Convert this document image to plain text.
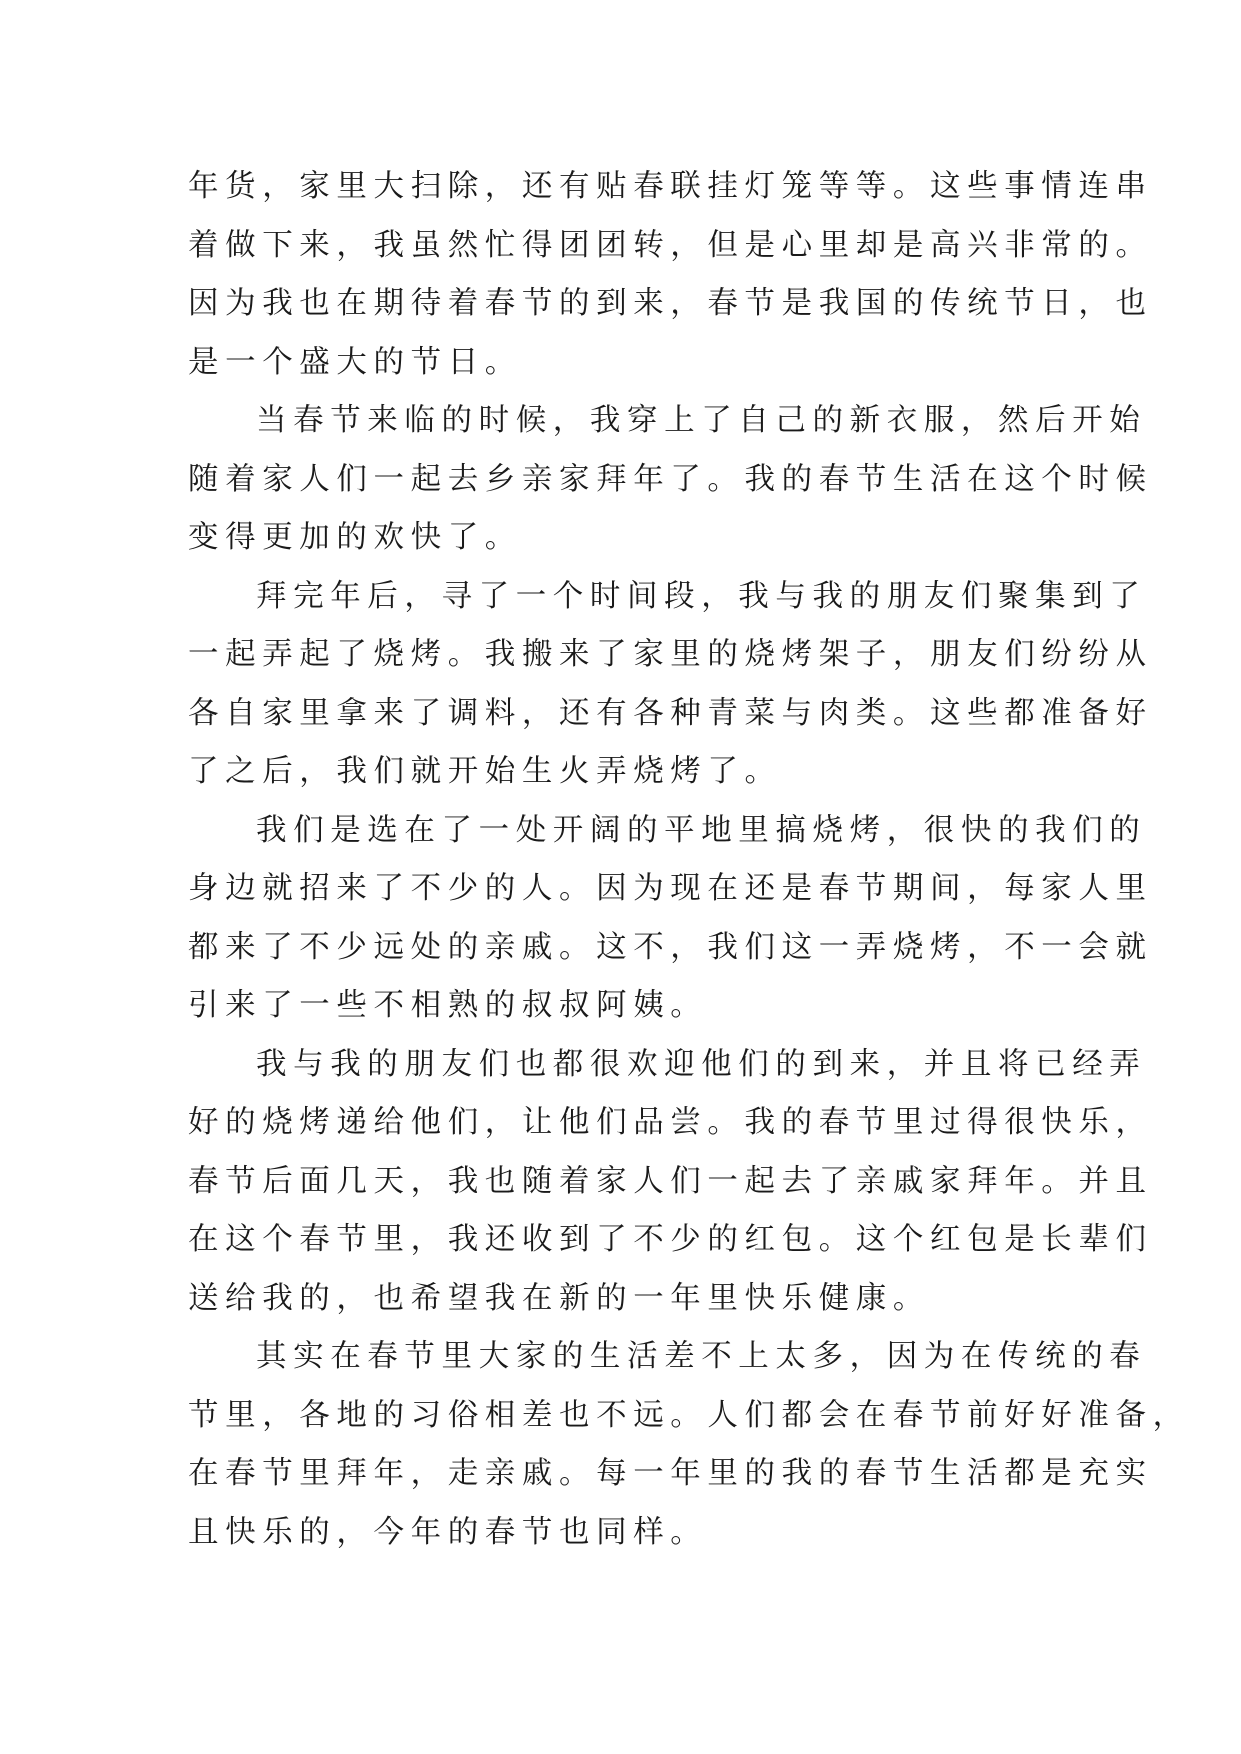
年货，家里大扫除，还有贴春联挂灯笼等等。这些事情连串
着做下来，我虽然忙得团团转，但是心里却是高兴非常的。
因为我也在期待着春节的到来，春节是我国的传统节日，也
是一个盛大的节日。
当春节来临的时候，我穿上了自己的新衣服，然后开始
随着家人们一起去乡亲家拜年了。我的春节生活在这个时候
变得更加的欢快了。
拜完年后，寻了一个时间段，我与我的朋友们聚集到了
一起弄起了烧烤。我搬来了家里的烧烤架子，朋友们纷纷从
各自家里拿来了调料，还有各种青菜与肉类。这些都准备好
了之后，我们就开始生火弄烧烤了。
我们是选在了一处开阔的平地里搞烧烤，很快的我们的
身边就招来了不少的人。因为现在还是春节期间，每家人里
都来了不少远处的亲戚。这不，我们这一弄烧烤，不一会就
引来了一些不相熟的叔叔阿姨。
我与我的朋友们也都很欢迎他们的到来，并且将已经弄
好的烧烤递给他们，让他们品尝。我的春节里过得很快乐，
春节后面几天，我也随着家人们一起去了亲戚家拜年。并且
在这个春节里，我还收到了不少的红包。这个红包是长辈们
送给我的，也希望我在新的一年里快乐健康。
其实在春节里大家的生活差不上太多，因为在传统的春
节里，各地的习俗相差也不远。人们都会在春节前好好准备，
在春节里拜年，走亲戚。每一年里的我的春节生活都是充实
且快乐的，今年的春节也同样。
